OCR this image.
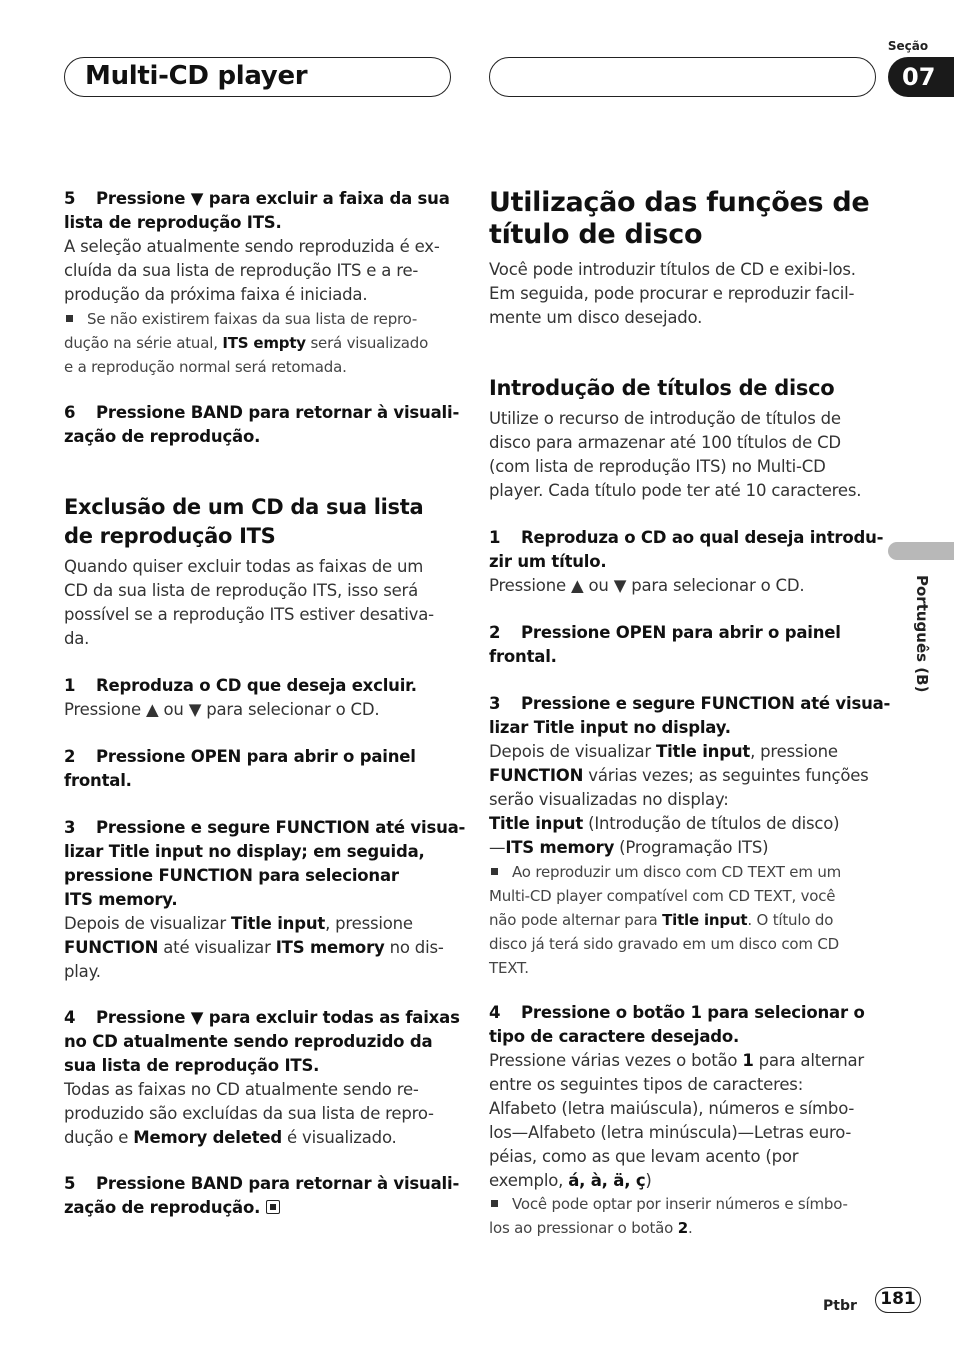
Multi-CD player
Seção
07
Português (B)
5 Pressione ▼ para excluir a faixa da sua
lista de reprodução ITS.
A seleção atualmente sendo reproduzida é ex-
cluída da sua lista de reprodução ITS e a re-
produção da próxima faixa é iniciada.
Se não existirem faixas da sua lista de repro-
dução na série atual, ITS empty será visualizado
e a reprodução normal será retomada.
6 Pressione BAND para retornar à visuali-
zação de reprodução.
Exclusão de um CD da sua lista
de reprodução ITS
Quando quiser excluir todas as faixas de um
CD da sua lista de reprodução ITS, isso será
possível se a reprodução ITS estiver desativa-
da.
1 Reproduza o CD que deseja excluir.
Pressione ▲ ou ▼ para selecionar o CD.
2 Pressione OPEN para abrir o painel
frontal.
3 Pressione e segure FUNCTION até visua-
lizar Title input no display; em seguida,
pressione FUNCTION para selecionar
ITS memory.
Depois de visualizar Title input, pressione
FUNCTION até visualizar ITS memory no dis-
play.
4 Pressione ▼ para excluir todas as faixas
no CD atualmente sendo reproduzido da
sua lista de reprodução ITS.
Todas as faixas no CD atualmente sendo re-
produzido são excluídas da sua lista de repro-
dução e Memory deleted é visualizado.
5 Pressione BAND para retornar à visuali-
zação de reprodução.
Utilização das funções de
título de disco
Você pode introduzir títulos de CD e exibi-los.
Em seguida, pode procurar e reproduzir facil-
mente um disco desejado.
Introdução de títulos de disco
Utilize o recurso de introdução de títulos de
disco para armazenar até 100 títulos de CD
(com lista de reprodução ITS) no Multi-CD
player. Cada título pode ter até 10 caracteres.
1 Reproduza o CD ao qual deseja introdu-
zir um título.
Pressione ▲ ou ▼ para selecionar o CD.
2 Pressione OPEN para abrir o painel
frontal.
3 Pressione e segure FUNCTION até visua-
lizar Title input no display.
Depois de visualizar Title input, pressione
FUNCTION várias vezes; as seguintes funções
serão visualizadas no display:
Title input (Introdução de títulos de disco)
—ITS memory (Programação ITS)
Ao reproduzir um disco com CD TEXT em um
Multi-CD player compatível com CD TEXT, você
não pode alternar para Title input. O título do
disco já terá sido gravado em um disco com CD
TEXT.
4 Pressione o botão 1 para selecionar o
tipo de caractere desejado.
Pressione várias vezes o botão 1 para alternar
entre os seguintes tipos de caracteres:
Alfabeto (letra maiúscula), números e símbo-
los—Alfabeto (letra minúscula)—Letras euro-
péias, como as que levam acento (por
exemplo, á, à, ä, ç)
Você pode optar por inserir números e símbo-
los ao pressionar o botão 2.
Ptbr	181
